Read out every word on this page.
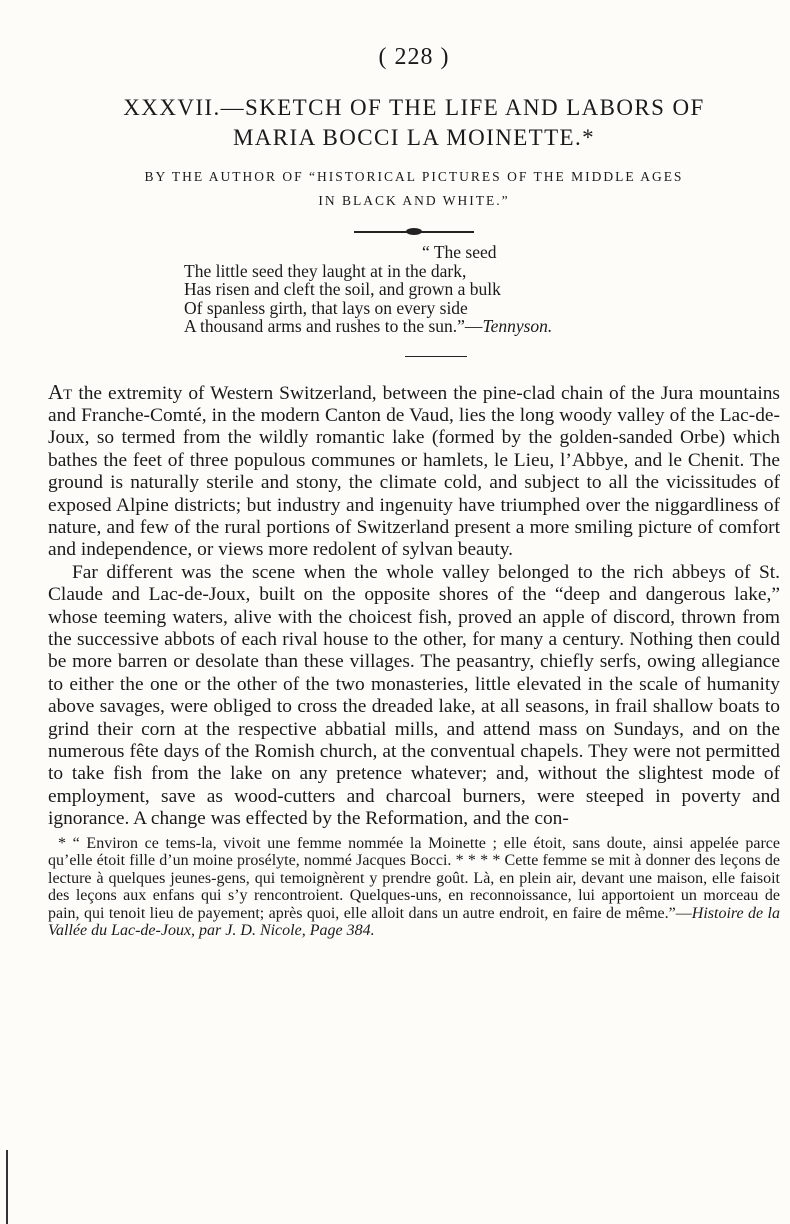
( 228 )
XXXVII.—SKETCH OF THE LIFE AND LABORS OF
MARIA BOCCI LA MOINETTE.*
BY THE AUTHOR OF “HISTORICAL PICTURES OF THE MIDDLE AGES
IN BLACK AND WHITE.”
“ The seed
The little seed they laught at in the dark,
Has risen and cleft the soil, and grown a bulk
Of spanless girth, that lays on every side
A thousand arms and rushes to the sun.”—Tennyson.

At the extremity of Western Switzerland, between the pine-clad chain of the Jura mountains and Franche-Comté, in the modern Canton de Vaud, lies the long woody valley of the Lac-de-Joux, so termed from the wildly romantic lake (formed by the golden-sanded Orbe) which bathes the feet of three populous communes or hamlets, le Lieu, l’Abbye, and le Chenit. The ground is naturally sterile and stony, the climate cold, and subject to all the vicissitudes of exposed Alpine districts; but industry and ingenuity have triumphed over the niggardliness of nature, and few of the rural portions of Switzerland present a more smiling picture of comfort and independence, or views more redolent of sylvan beauty.

Far different was the scene when the whole valley belonged to the rich abbeys of St. Claude and Lac-de-Joux, built on the opposite shores of the “deep and dangerous lake,” whose teeming waters, alive with the choicest fish, proved an apple of discord, thrown from the successive abbots of each rival house to the other, for many a century. Nothing then could be more barren or desolate than these villages. The peasantry, chiefly serfs, owing allegiance to either the one or the other of the two monasteries, little elevated in the scale of humanity above savages, were obliged to cross the dreaded lake, at all seasons, in frail shallow boats to grind their corn at the respective abbatial mills, and attend mass on Sundays, and on the numerous fête days of the Romish church, at the conventual chapels. They were not permitted to take fish from the lake on any pretence whatever; and, without the slightest mode of employment, save as wood-cutters and charcoal burners, were steeped in poverty and ignorance. A change was effected by the Reformation, and the con-

* “ Environ ce tems-la, vivoit une femme nommée la Moinette ; elle étoit, sans doute, ainsi appelée parce qu’elle étoit fille d’un moine prosélyte, nommé Jacques Bocci. * * * * Cette femme se mit à donner des leçons de lecture à quelques jeunes-gens, qui temoignèrent y prendre goût. Là, en plein air, devant une maison, elle faisoit des leçons aux enfans qui s’y rencontroient. Quelques-uns, en reconnoissance, lui apportoient un morceau de pain, qui tenoit lieu de payement; après quoi, elle alloit dans un autre endroit, en faire de même.”—Histoire de la Vallée du Lac-de-Joux, par J. D. Nicole, Page 384.
